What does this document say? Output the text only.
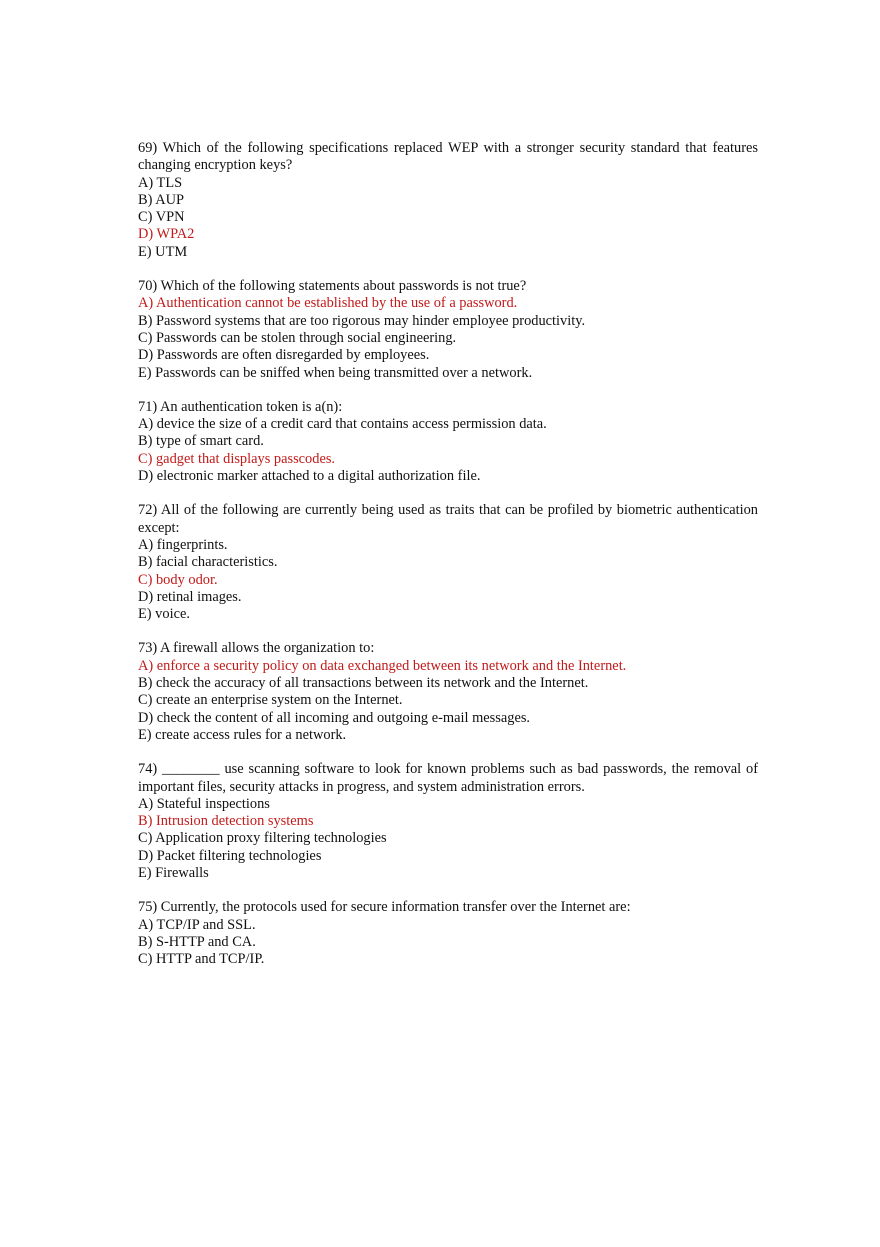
69) Which of the following specifications replaced WEP with a stronger security standard that features changing encryption keys?

A) TLS

B) AUP

C) VPN

D) WPA2

E) UTM

70) Which of the following statements about passwords is not true?

A) Authentication cannot be established by the use of a password.

B) Password systems that are too rigorous may hinder employee productivity.

C) Passwords can be stolen through social engineering.

D) Passwords are often disregarded by employees.

E) Passwords can be sniffed when being transmitted over a network.

71) An authentication token is a(n):

A) device the size of a credit card that contains access permission data.

B) type of smart card.

C) gadget that displays passcodes.

D) electronic marker attached to a digital authorization file.

72) All of the following are currently being used as traits that can be profiled by biometric authentication except:

A) fingerprints.

B) facial characteristics.

C) body odor.

D) retinal images.

E) voice.

73) A firewall allows the organization to:

A) enforce a security policy on data exchanged between its network and the Internet.

B) check the accuracy of all transactions between its network and the Internet.

C) create an enterprise system on the Internet.

D) check the content of all incoming and outgoing e-mail messages.

E) create access rules for a network.

74) ________ use scanning software to look for known problems such as bad passwords, the removal of important files, security attacks in progress, and system administration errors.

A) Stateful inspections

B) Intrusion detection systems

C) Application proxy filtering technologies

D) Packet filtering technologies

E) Firewalls

75) Currently, the protocols used for secure information transfer over the Internet are:

A) TCP/IP and SSL.

B) S-HTTP and CA.

C) HTTP and TCP/IP.
